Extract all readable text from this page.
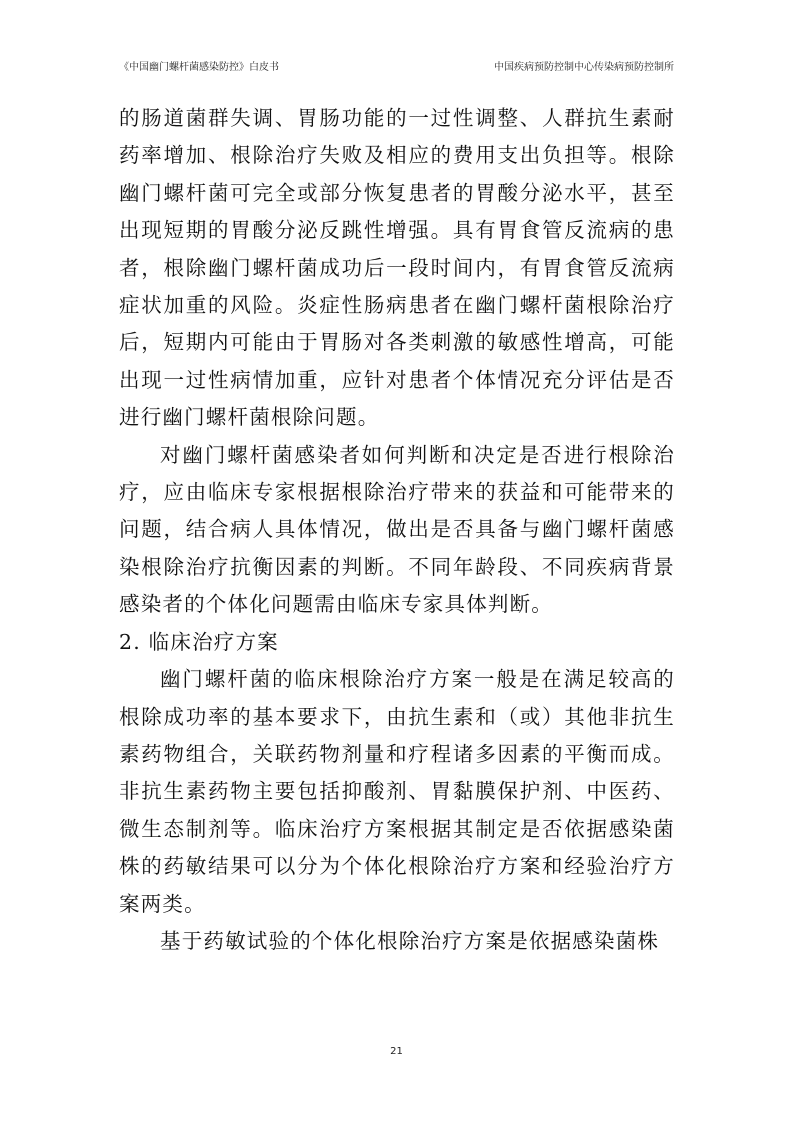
《中国幽门螺杆菌感染防控》白皮书	中国疾病预防控制中心传染病预防控制所

的肠道菌群失调、胃肠功能的一过性调整、人群抗生素耐药率增加、根除治疗失败及相应的费用支出负担等。根除幽门螺杆菌可完全或部分恢复患者的胃酸分泌水平，甚至出现短期的胃酸分泌反跳性增强。具有胃食管反流病的患者，根除幽门螺杆菌成功后一段时间内，有胃食管反流病症状加重的风险。炎症性肠病患者在幽门螺杆菌根除治疗后，短期内可能由于胃肠对各类刺激的敏感性增高，可能出现一过性病情加重，应针对患者个体情况充分评估是否进行幽门螺杆菌根除问题。

对幽门螺杆菌感染者如何判断和决定是否进行根除治疗，应由临床专家根据根除治疗带来的获益和可能带来的问题，结合病人具体情况，做出是否具备与幽门螺杆菌感染根除治疗抗衡因素的判断。不同年龄段、不同疾病背景感染者的个体化问题需由临床专家具体判断。

2. 临床治疗方案

幽门螺杆菌的临床根除治疗方案一般是在满足较高的根除成功率的基本要求下，由抗生素和（或）其他非抗生素药物组合，关联药物剂量和疗程诸多因素的平衡而成。非抗生素药物主要包括抑酸剂、胃黏膜保护剂、中医药、微生态制剂等。临床治疗方案根据其制定是否依据感染菌株的药敏结果可以分为个体化根除治疗方案和经验治疗方案两类。

基于药敏试验的个体化根除治疗方案是依据感染菌株

21
